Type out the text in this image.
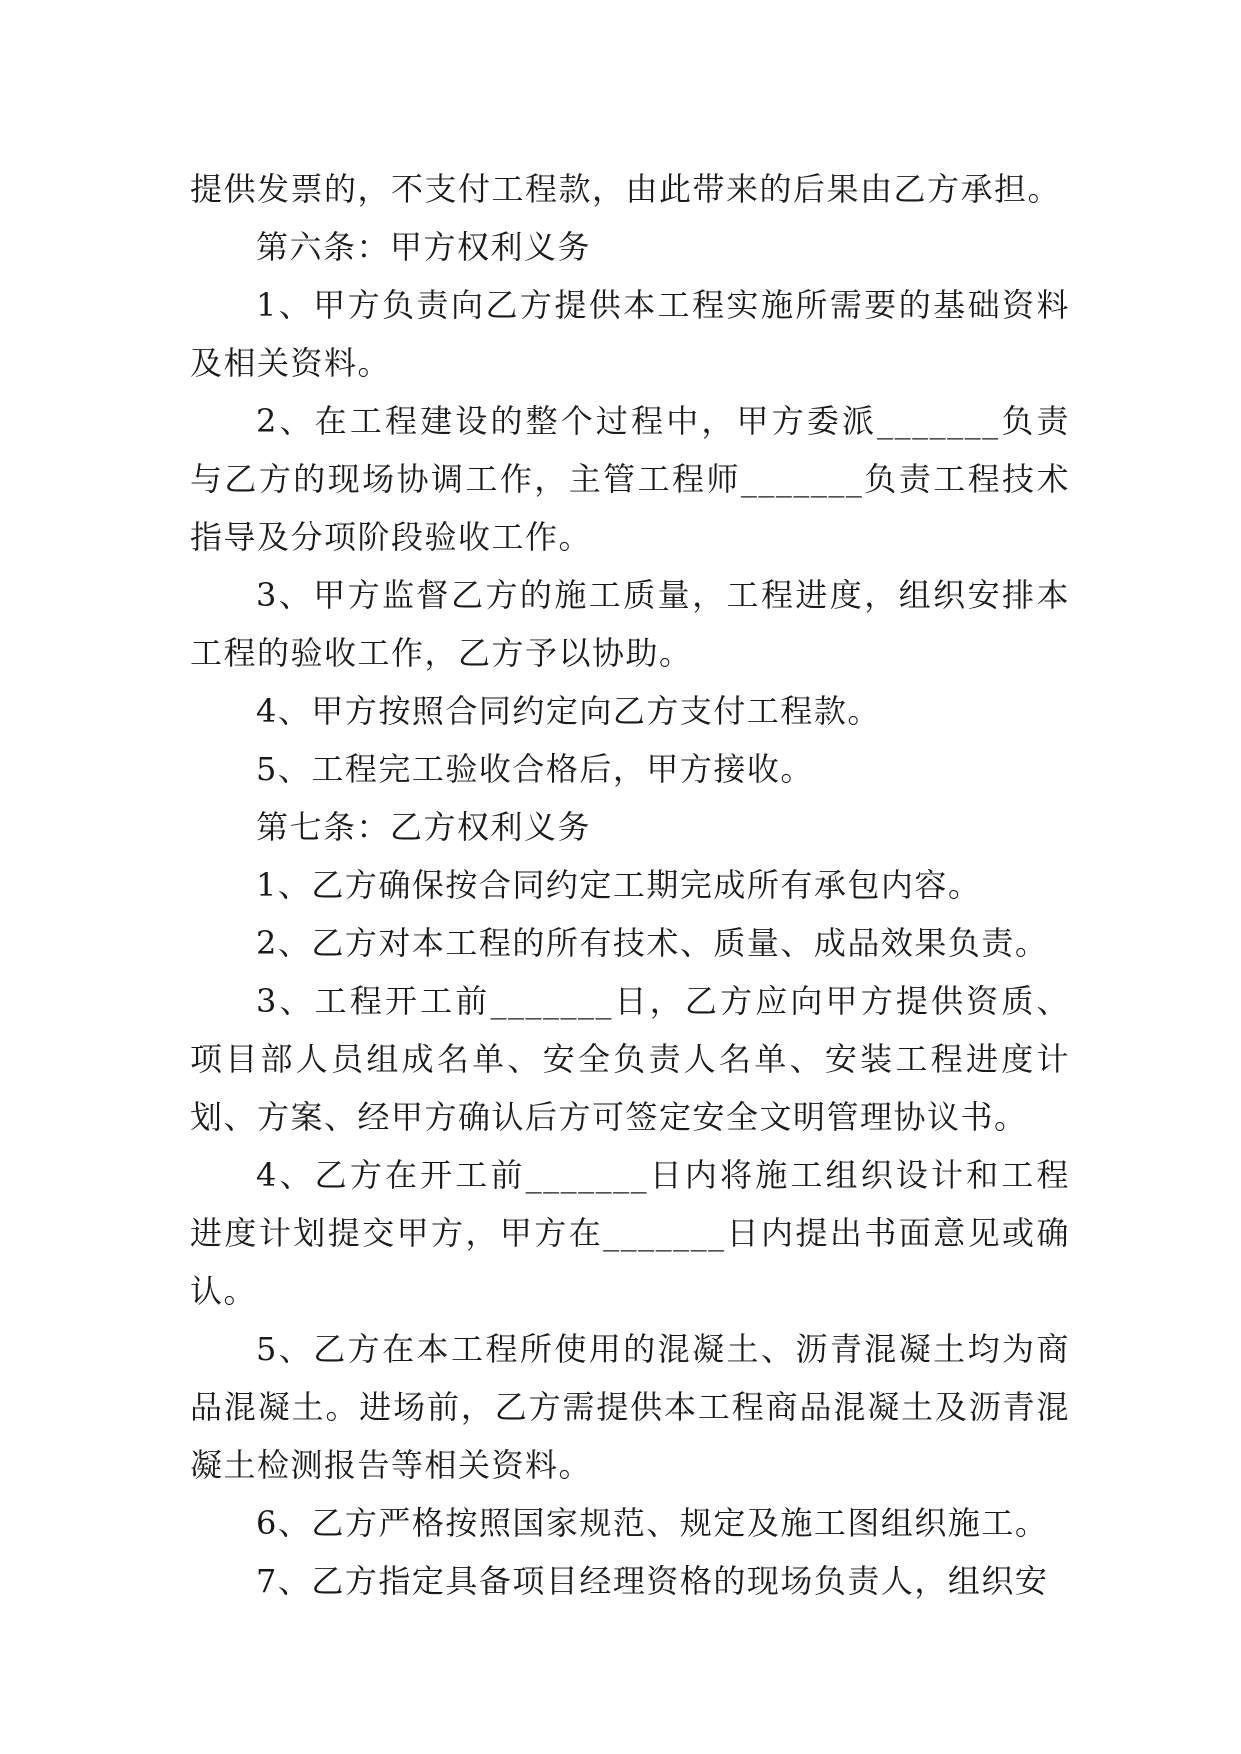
提供发票的，不支付工程款，由此带来的后果由乙方承担。

第六条：甲方权利义务

1、甲方负责向乙方提供本工程实施所需要的基础资料及相关资料。

2、在工程建设的整个过程中，甲方委派_______负责与乙方的现场协调工作，主管工程师_______负责工程技术指导及分项阶段验收工作。

3、甲方监督乙方的施工质量，工程进度，组织安排本工程的验收工作，乙方予以协助。

4、甲方按照合同约定向乙方支付工程款。

5、工程完工验收合格后，甲方接收。

第七条：乙方权利义务

1、乙方确保按合同约定工期完成所有承包内容。

2、乙方对本工程的所有技术、质量、成品效果负责。

3、工程开工前_______日，乙方应向甲方提供资质、项目部人员组成名单、安全负责人名单、安装工程进度计划、方案、经甲方确认后方可签定安全文明管理协议书。

4、乙方在开工前_______日内将施工组织设计和工程进度计划提交甲方，甲方在_______日内提出书面意见或确认。

5、乙方在本工程所使用的混凝土、沥青混凝土均为商品混凝土。进场前，乙方需提供本工程商品混凝土及沥青混凝土检测报告等相关资料。

6、乙方严格按照国家规范、规定及施工图组织施工。

7、乙方指定具备项目经理资格的现场负责人，组织安
